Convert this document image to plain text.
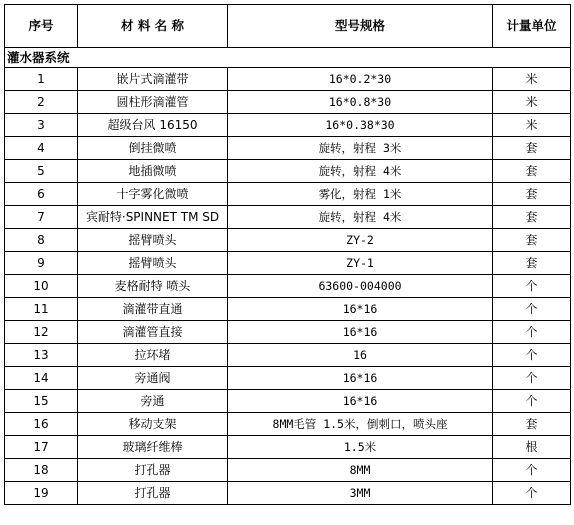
序号	材 料 名 称	型号规格	计量单位
灌水器系统			
1	嵌片式滴灌带	16*0.2*30	米
2	圆柱形滴灌管	16*0.8*30	米
3	超级台风 16150	16*0.38*30	米
4	倒挂微喷	旋转，射程 3米	套
5	地插微喷	旋转，射程 4米	套
6	十字雾化微喷	雾化，射程 1米	套
7	宾耐特·SPINNET TM SD	旋转，射程 4米	套
8	摇臂喷头	ZY-2	套
9	摇臂喷头	ZY-1	套
10	麦格耐特 喷头	63600-004000	个
11	滴灌带直通	16*16	个
12	滴灌管直接	16*16	个
13	拉环堵	16	个
14	旁通阀	16*16	个
15	旁通	16*16	个
16	移动支架	8MM毛管 1.5米，倒刺口，喷头座	套
17	玻璃纤维棒	1.5米	根
18	打孔器	8MM	个
19	打孔器	3MM	个
